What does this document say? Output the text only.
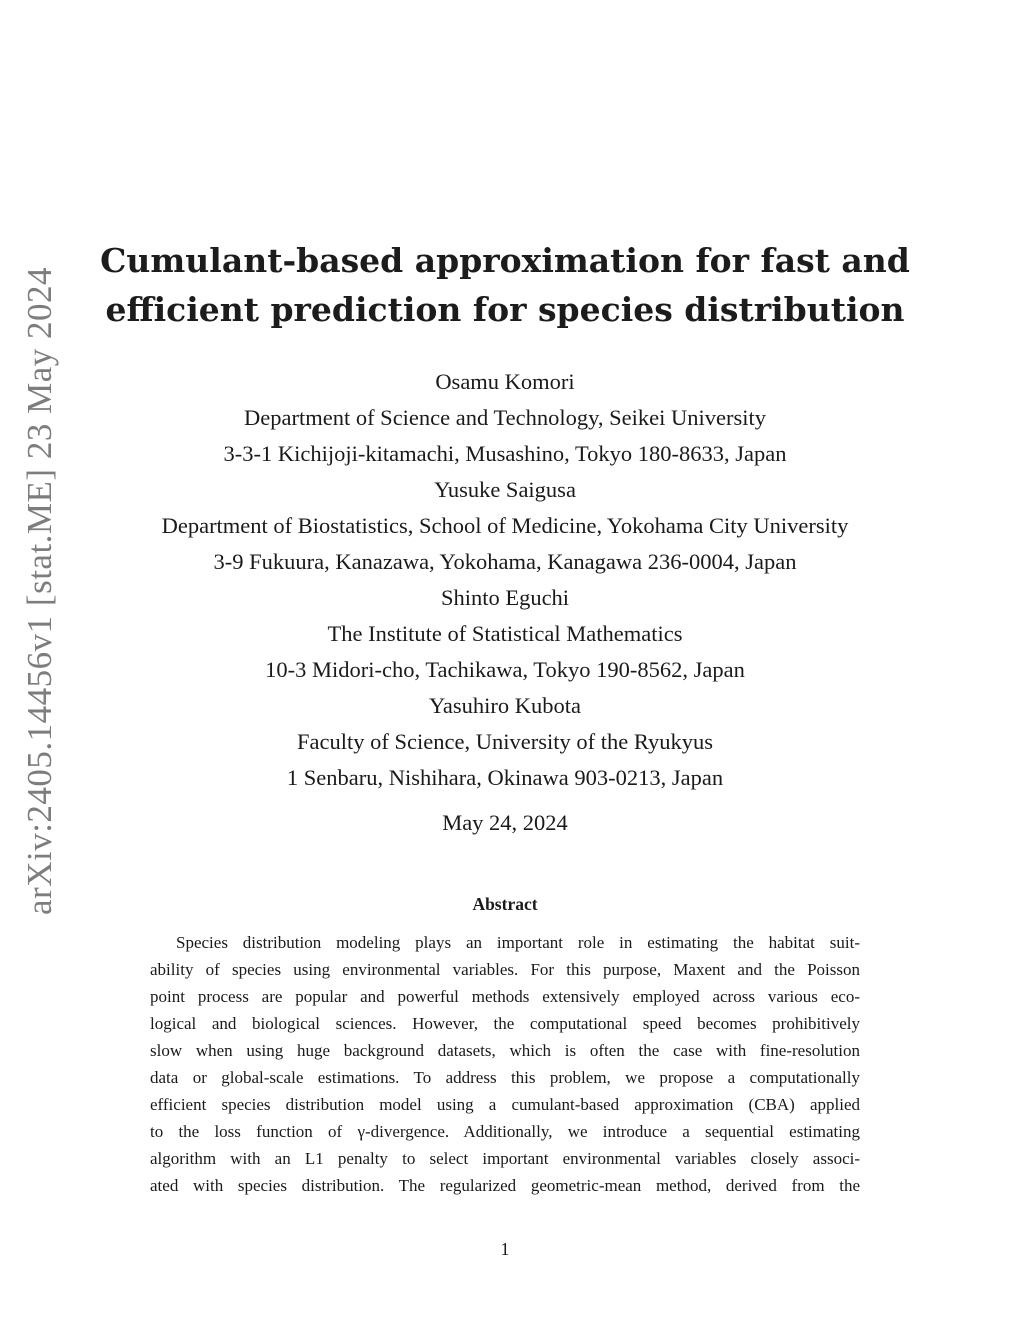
arXiv:2405.14456v1 [stat.ME] 23 May 2024
Cumulant-based approximation for fast and
efficient prediction for species distribution
Osamu Komori
Department of Science and Technology, Seikei University
3-3-1 Kichijoji-kitamachi, Musashino, Tokyo 180-8633, Japan
Yusuke Saigusa
Department of Biostatistics, School of Medicine, Yokohama City University
3-9 Fukuura, Kanazawa, Yokohama, Kanagawa 236-0004, Japan
Shinto Eguchi
The Institute of Statistical Mathematics
10-3 Midori-cho, Tachikawa, Tokyo 190-8562, Japan
Yasuhiro Kubota
Faculty of Science, University of the Ryukyus
1 Senbaru, Nishihara, Okinawa 903-0213, Japan
May 24, 2024
Abstract
Species distribution modeling plays an important role in estimating the habitat suit-
ability of species using environmental variables. For this purpose, Maxent and the Poisson
point process are popular and powerful methods extensively employed across various eco-
logical and biological sciences. However, the computational speed becomes prohibitively
slow when using huge background datasets, which is often the case with fine-resolution
data or global-scale estimations. To address this problem, we propose a computationally
efficient species distribution model using a cumulant-based approximation (CBA) applied
to the loss function of γ-divergence. Additionally, we introduce a sequential estimating
algorithm with an L1 penalty to select important environmental variables closely associ-
ated with species distribution. The regularized geometric-mean method, derived from the
1
